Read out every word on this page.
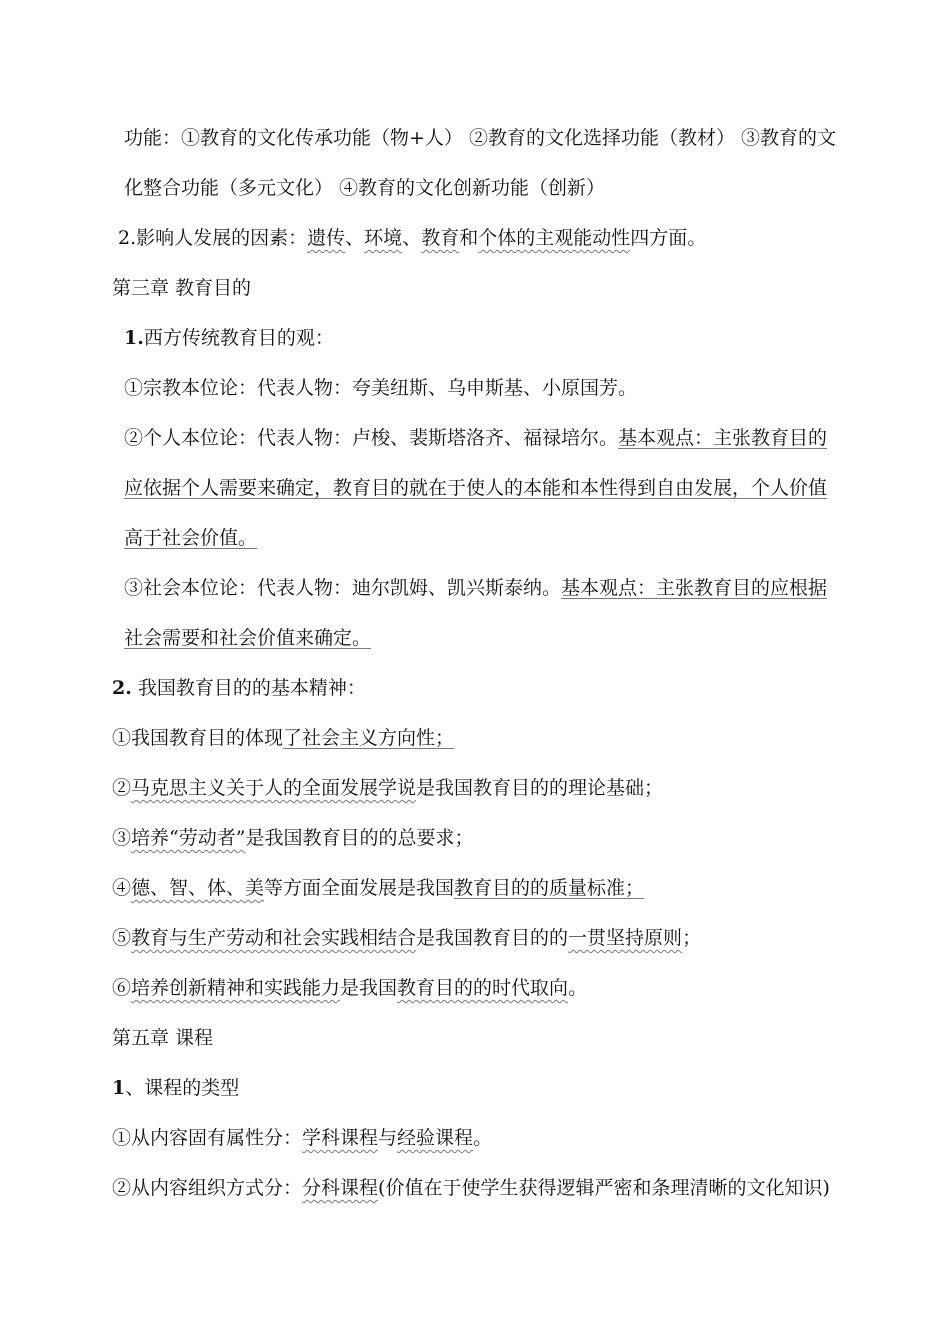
功能：①教育的文化传承功能（物+人） ②教育的文化选择功能（教材） ③教育的文
化整合功能（多元文化） ④教育的文化创新功能（创新）
2.影响人发展的因素：遗传、环境、教育和个体的主观能动性四方面。
第三章 教育目的
1.西方传统教育目的观：
①宗教本位论：代表人物：夸美纽斯、乌申斯基、小原国芳。
②个人本位论：代表人物：卢梭、裴斯塔洛齐、福禄培尔。基本观点：主张教育目的
应依据个人需要来确定，教育目的就在于使人的本能和本性得到自由发展，个人价值
高于社会价值。
③社会本位论：代表人物：迪尔凯姆、凯兴斯泰纳。基本观点：主张教育目的应根据
社会需要和社会价值来确定。
2. 我国教育目的的基本精神：
①我国教育目的体现了社会主义方向性；
②马克思主义关于人的全面发展学说是我国教育目的的理论基础；
③培养“劳动者”是我国教育目的的总要求；
④德、智、体、美等方面全面发展是我国教育目的的质量标准；
⑤教育与生产劳动和社会实践相结合是我国教育目的的一贯坚持原则；
⑥培养创新精神和实践能力是我国教育目的的时代取向。
第五章 课程
1、课程的类型
①从内容固有属性分：学科课程与经验课程。
②从内容组织方式分：分科课程(价值在于使学生获得逻辑严密和条理清晰的文化知识)
